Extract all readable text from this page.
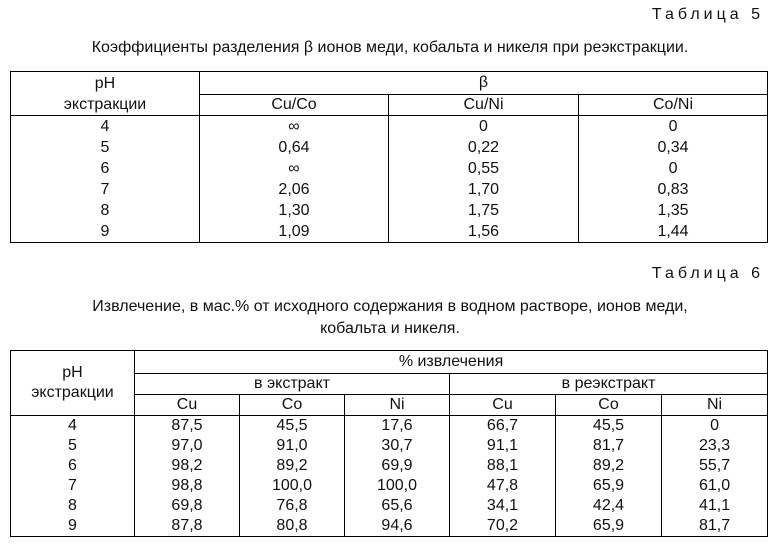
Таблица 5
Коэффициенты разделения β ионов меди, кобальта и никеля при реэкстракции.
pH
экстракции	β		
	Cu/Co	Cu/Ni	Co/Ni
4	∞	0	0
5	0,64	0,22	0,34
6	∞	0,55	0
7	2,06	1,70	0,83
8	1,30	1,75	1,35
9	1,09	1,56	1,44
Таблица 6
Извлечение, в мас.% от исходного содержания в водном растворе, ионов меди,
кобальта и никеля.
pH
экстракции	% извлечения					
	в экстракт			в реэкстракт		
	Cu	Co	Ni	Cu	Co	Ni
4	87,5	45,5	17,6	66,7	45,5	0
5	97,0	91,0	30,7	91,1	81,7	23,3
6	98,2	89,2	69,9	88,1	89,2	55,7
7	98,8	100,0	100,0	47,8	65,9	61,0
8	69,8	76,8	65,6	34,1	42,4	41,1
9	87,8	80,8	94,6	70,2	65,9	81,7
